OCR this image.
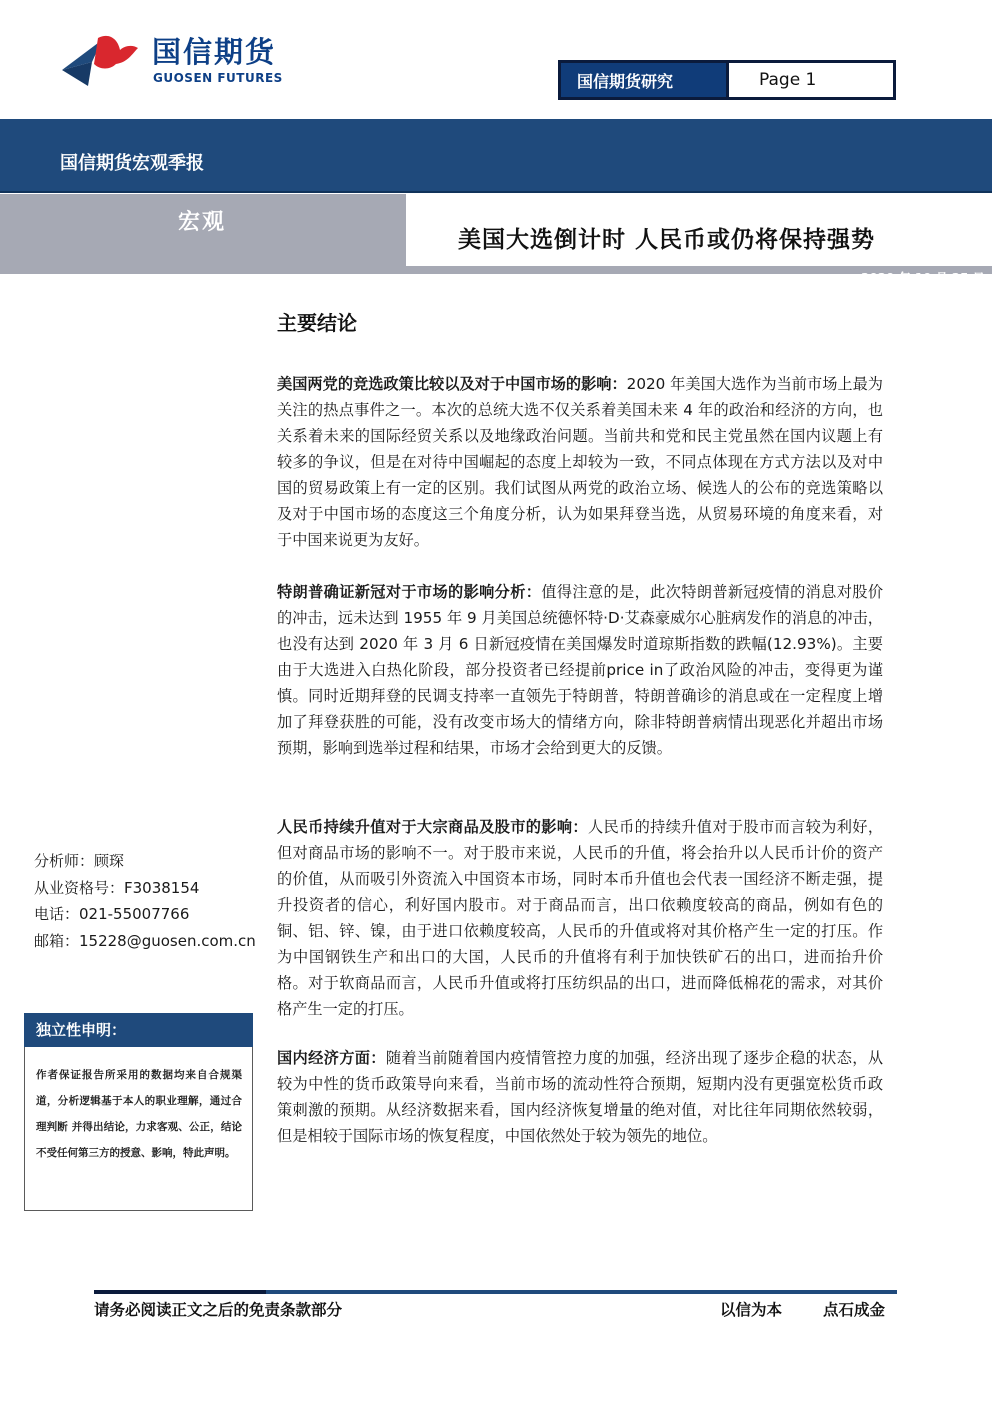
国信期货
GUOSEN FUTURES	国信期货研究	Page 1
国信期货宏观季报
宏观
美国大选倒计时 人民币或仍将保持强势
2020 年 10 月 25 日
主要结论

美国两党的竞选政策比较以及对于中国市场的影响：2020 年美国大选作为当前市场上最为关注的热点事件之一。本次的总统大选不仅关系着美国未来 4 年的政治和经济的方向，也关系着未来的国际经贸关系以及地缘政治问题。当前共和党和民主党虽然在国内议题上有较多的争议，但是在对待中国崛起的态度上却较为一致，不同点体现在方式方法以及对中国的贸易政策上有一定的区别。我们试图从两党的政治立场、候选人的公布的竞选策略以及对于中国市场的态度这三个角度分析，认为如果拜登当选，从贸易环境的角度来看，对于中国来说更为友好。

特朗普确证新冠对于市场的影响分析：值得注意的是，此次特朗普新冠疫情的消息对股价的冲击，远未达到 1955 年 9 月美国总统德怀特·D·艾森豪威尔心脏病发作的消息的冲击，也没有达到 2020 年 3 月 6 日新冠疫情在美国爆发时道琼斯指数的跌幅(12.93%)。主要由于大选进入白热化阶段，部分投资者已经提前price in了政治风险的冲击，变得更为谨慎。同时近期拜登的民调支持率一直领先于特朗普，特朗普确诊的消息或在一定程度上增加了拜登获胜的可能，没有改变市场大的情绪方向，除非特朗普病情出现恶化并超出市场预期，影响到选举过程和结果，市场才会给到更大的反馈。

人民币持续升值对于大宗商品及股市的影响：人民币的持续升值对于股市而言较为利好，但对商品市场的影响不一。对于股市来说，人民币的升值，将会抬升以人民币计价的资产的价值，从而吸引外资流入中国资本市场，同时本币升值也会代表一国经济不断走强，提升投资者的信心，利好国内股市。对于商品而言，出口依赖度较高的商品，例如有色的铜、铝、锌、镍，由于进口依赖度较高，人民币的升值或将对其价格产生一定的打压。作为中国钢铁生产和出口的大国，人民币的升值将有利于加快铁矿石的出口，进而抬升价格。对于软商品而言，人民币升值或将打压纺织品的出口，进而降低棉花的需求，对其价格产生一定的打压。

国内经济方面：随着当前随着国内疫情管控力度的加强，经济出现了逐步企稳的状态，从较为中性的货币政策导向来看，当前市场的流动性符合预期，短期内没有更强宽松货币政策刺激的预期。从经济数据来看，国内经济恢复增量的绝对值，对比往年同期依然较弱，但是相较于国际市场的恢复程度，中国依然处于较为领先的地位。

分析师：顾琛
从业资格号：F3038154
电话：021-55007766
邮箱：15228@guosen.com.cn
独立性申明：

作者保证报告所采用的数据均来自合规渠道，分析逻辑基于本人的职业理解，通过合理判断 并得出结论，力求客观、公正，结论不受任何第三方的授意、影响，特此声明。

请务必阅读正文之后的免责条款部分	以信为本	点石成金
